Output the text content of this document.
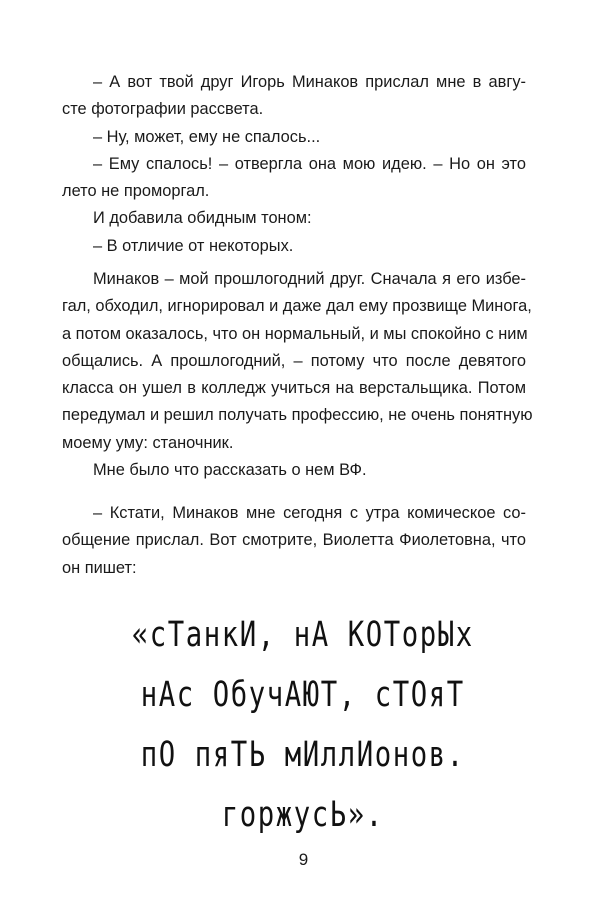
– А вот твой друг Игорь Минаков прислал мне в авгу-
сте фотографии рассвета.
– Ну, может, ему не спалось...
– Ему спалось! – отвергла она мою идею. – Но он это
лето не проморгал.
И добавила обидным тоном:
– В отличие от некоторых.
Минаков – мой прошлогодний друг. Сначала я его избе-
гал, обходил, игнорировал и даже дал ему прозвище Минога,
а потом оказалось, что он нормальный, и мы спокойно с ним
общались. А прошлогодний, – потому что после девятого
класса он ушел в колледж учиться на верстальщика. Потом
передумал и решил получать профессию, не очень понятную
моему уму: станочник.
Мне было что рассказать о нем ВФ.
– Кстати, Минаков мне сегодня с утра комическое со-
общение прислал. Вот смотрите, Виолетта Фиолетовна, что
он пишет:
«сТанкИ, нА КОТорЫх
нАс ОбучАЮТ, сТОяТ
пО пяТЬ мИллИонов.
горжусЬ».
9
